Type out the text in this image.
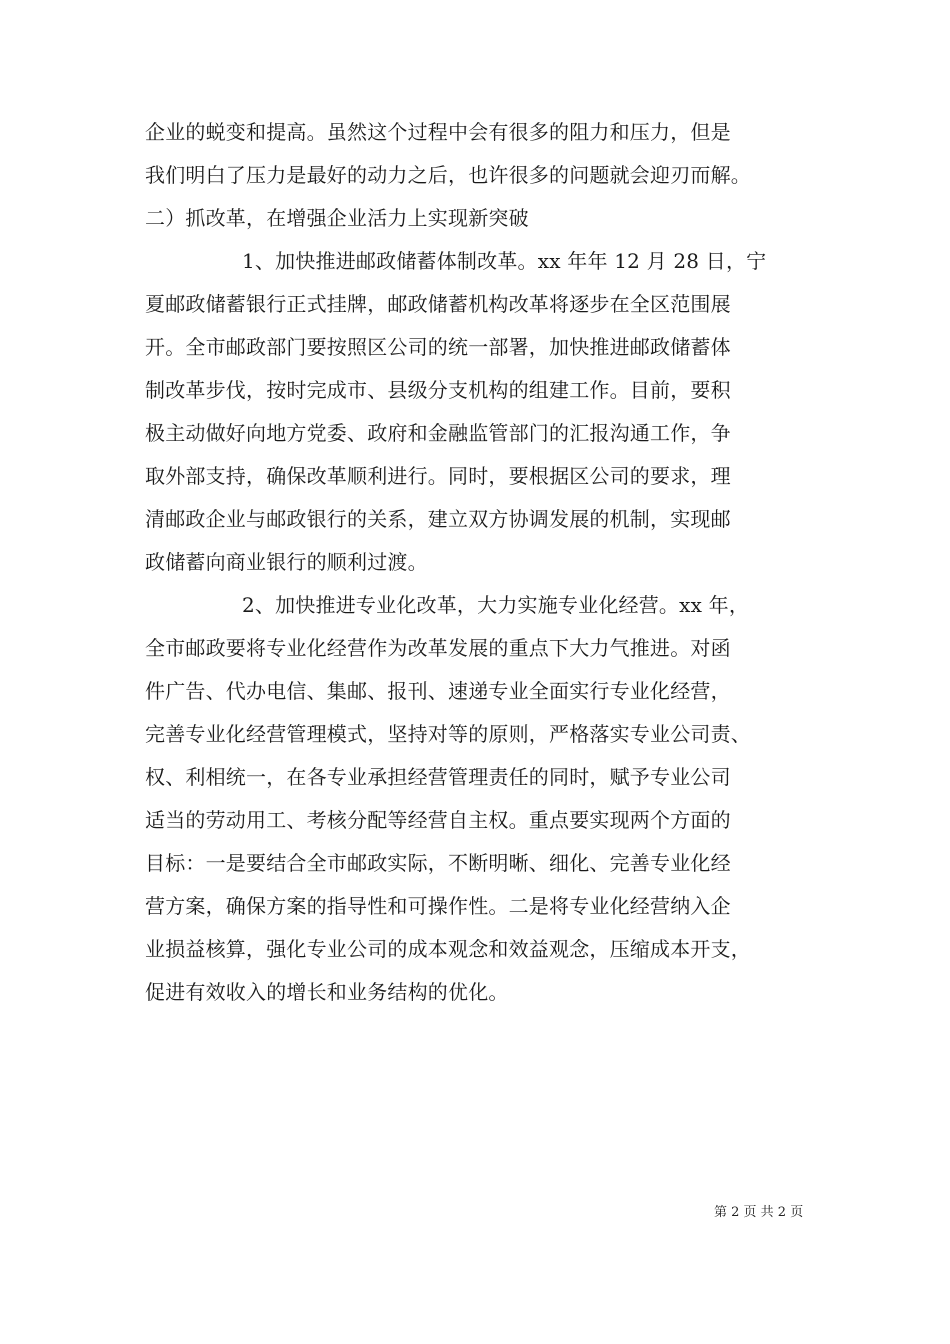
企业的蜕变和提高。虽然这个过程中会有很多的阻力和压力，但是
我们明白了压力是最好的动力之后，也许很多的问题就会迎刃而解。
二）抓改革，在增强企业活力上实现新突破
1、加快推进邮政储蓄体制改革。xx 年年 12 月 28 日，宁
夏邮政储蓄银行正式挂牌，邮政储蓄机构改革将逐步在全区范围展
开。全市邮政部门要按照区公司的统一部署，加快推进邮政储蓄体
制改革步伐，按时完成市、县级分支机构的组建工作。目前，要积
极主动做好向地方党委、政府和金融监管部门的汇报沟通工作，争
取外部支持，确保改革顺利进行。同时，要根据区公司的要求，理
清邮政企业与邮政银行的关系，建立双方协调发展的机制，实现邮
政储蓄向商业银行的顺利过渡。
2、加快推进专业化改革，大力实施专业化经营。xx 年，
全市邮政要将专业化经营作为改革发展的重点下大力气推进。对函
件广告、代办电信、集邮、报刊、速递专业全面实行专业化经营，
完善专业化经营管理模式，坚持对等的原则，严格落实专业公司责、
权、利相统一，在各专业承担经营管理责任的同时，赋予专业公司
适当的劳动用工、考核分配等经营自主权。重点要实现两个方面的
目标：一是要结合全市邮政实际，不断明晰、细化、完善专业化经
营方案，确保方案的指导性和可操作性。二是将专业化经营纳入企
业损益核算，强化专业公司的成本观念和效益观念，压缩成本开支，
促进有效收入的增长和业务结构的优化。
第 2 页 共 2 页
